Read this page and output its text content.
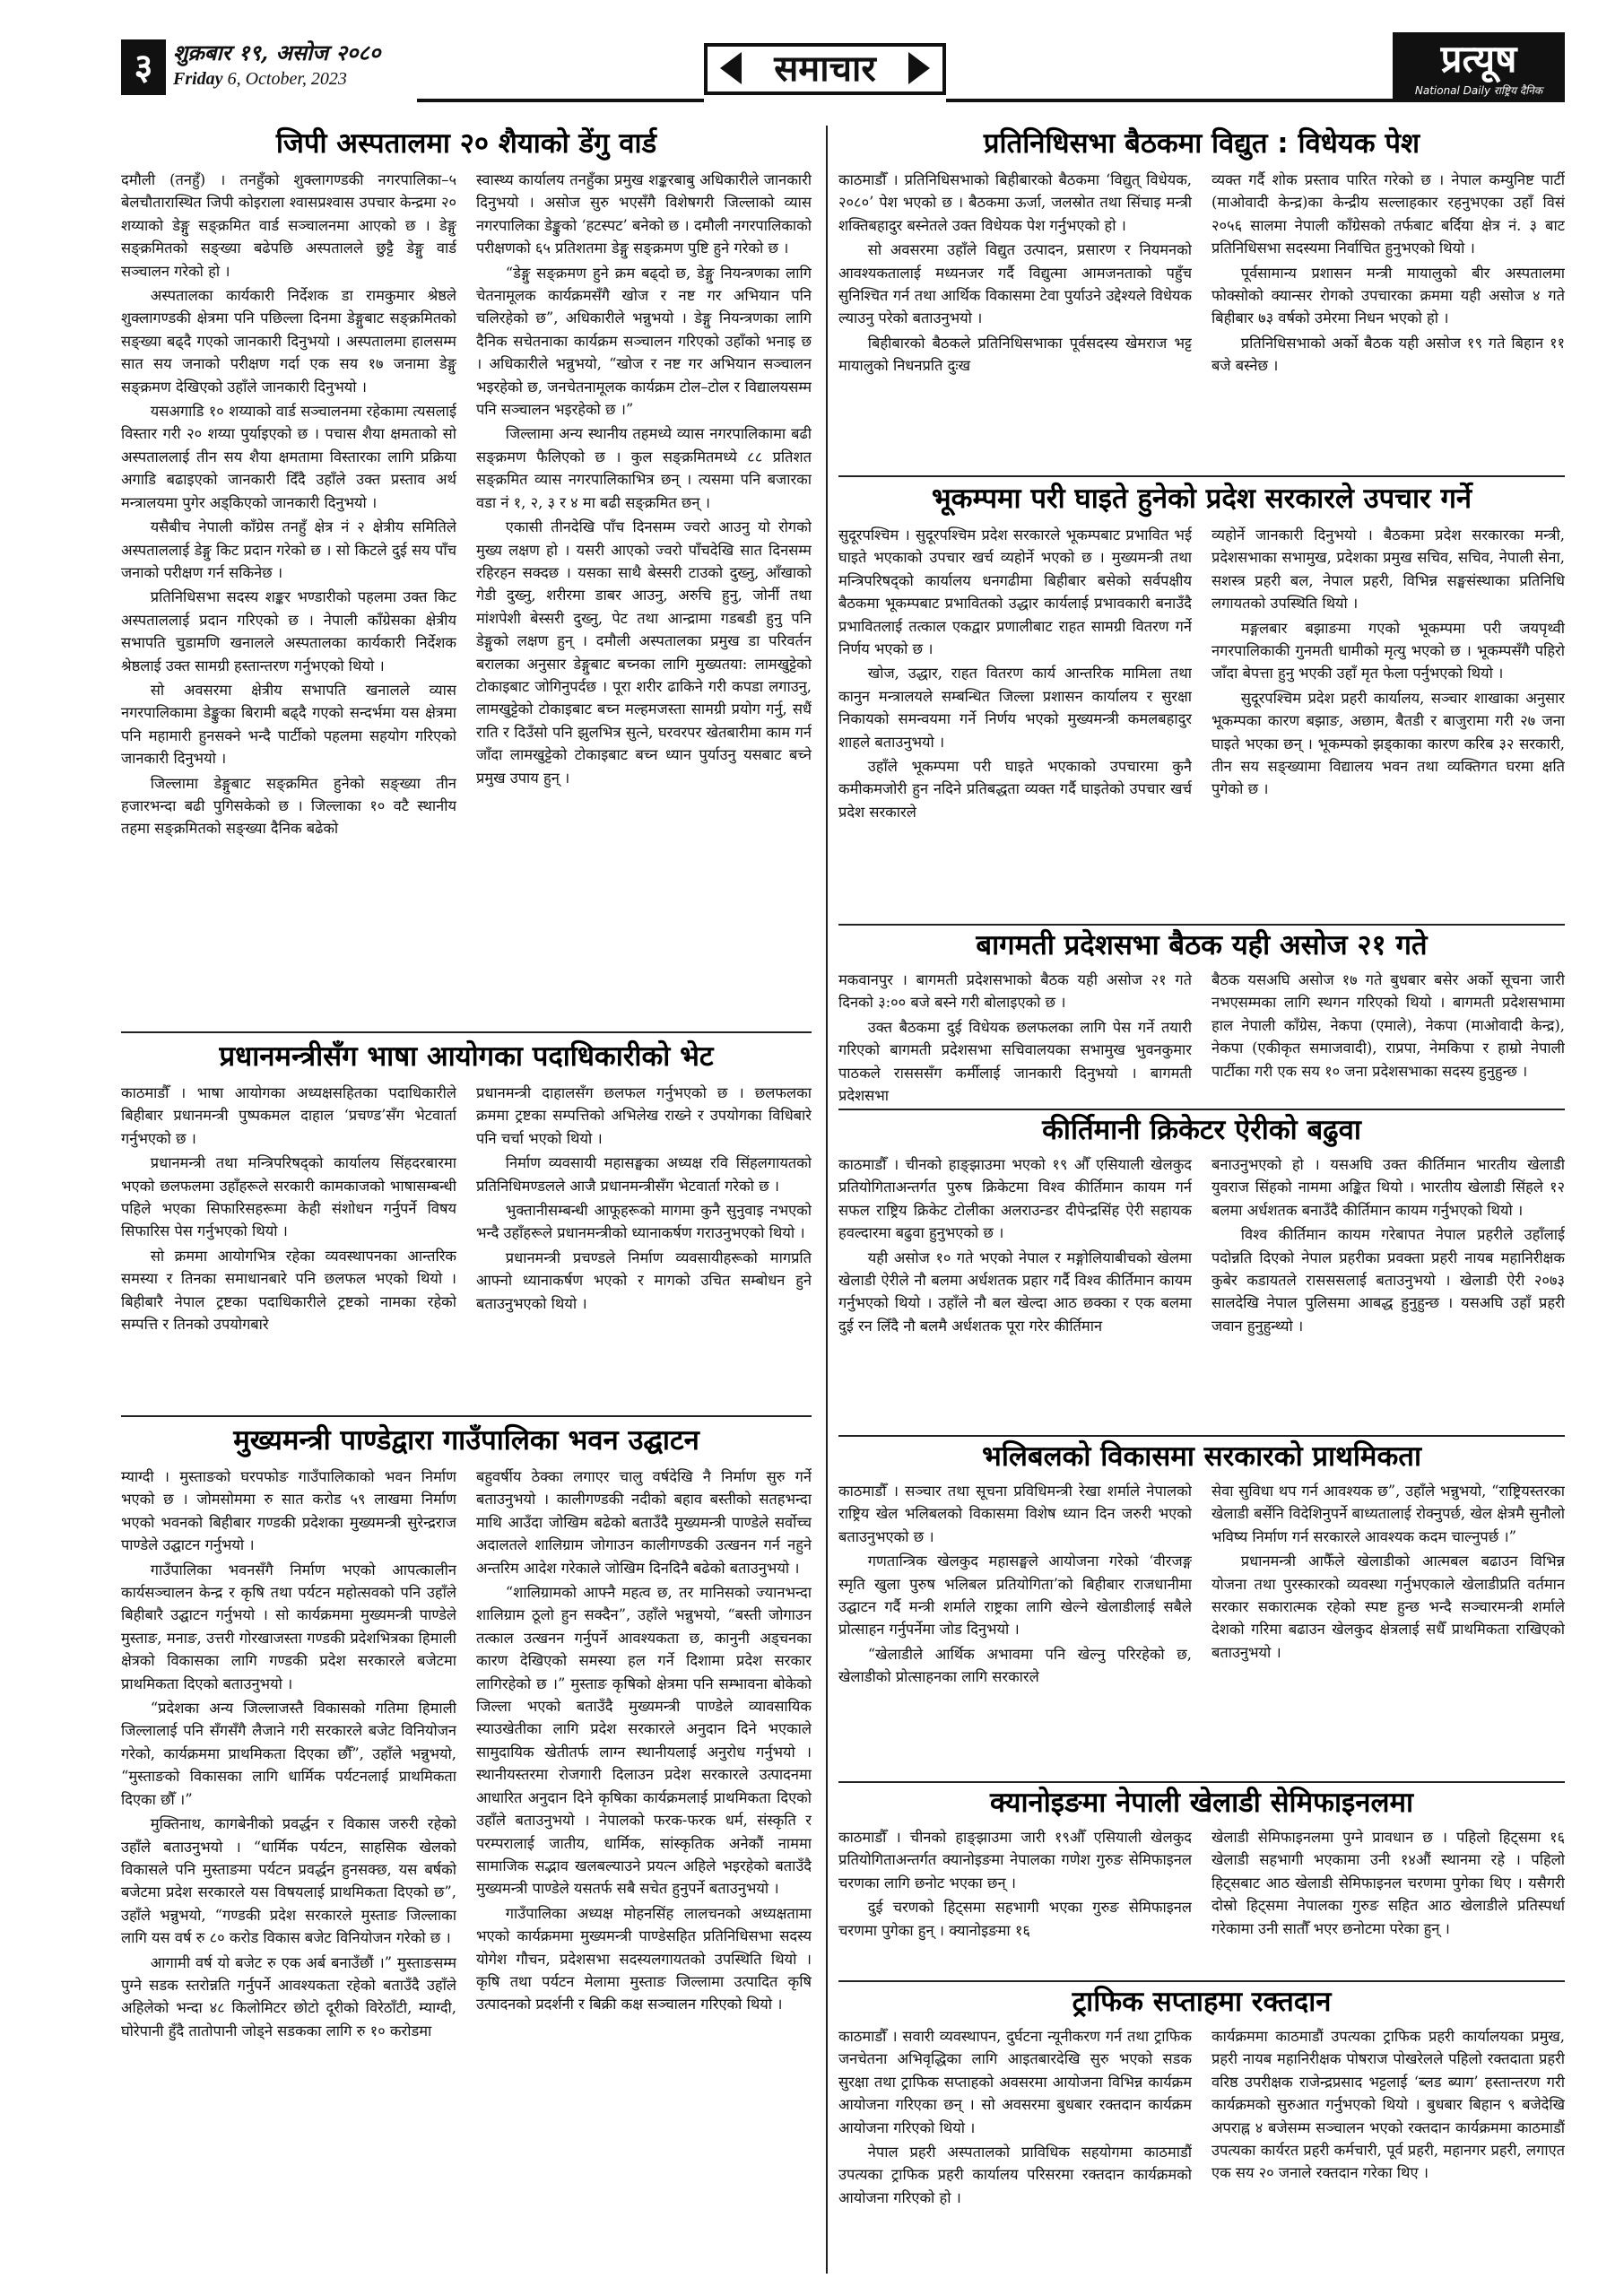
३ शुक्रबार १९, असोज २०८०
Friday 6, October, 2023	समाचार	प्रत्यूष
National Daily राष्ट्रिय दैनिक
जिपी अस्पतालमा २० शैयाको डेंगु वार्ड

दमौली (तनहुँ) । तनहुँको शुक्लागण्डकी नगरपालिका–५ बेलचौतारास्थित जिपी कोइराला श्वासप्रश्वास उपचार केन्द्रमा २० शय्याको डेङ्गु सङ्क्रमित वार्ड सञ्चालनमा आएको छ । डेङ्गु सङ्क्रमितको सङ्ख्या बढेपछि अस्पतालले छुट्टै डेङ्गु वार्ड सञ्चालन गरेको हो ।

अस्पतालका कार्यकारी निर्देशक डा रामकुमार श्रेष्ठले शुक्लागण्डकी क्षेत्रमा पनि पछिल्ला दिनमा डेङ्गुबाट सङ्क्रमितको सङ्ख्या बढ्दै गएको जानकारी दिनुभयो । अस्पतालमा हालसम्म सात सय जनाको परीक्षण गर्दा एक सय १७ जनामा डेङ्गु सङ्क्रमण देखिएको उहाँले जानकारी दिनुभयो ।

यसअगाडि १० शय्याको वार्ड सञ्चालनमा रहेकामा त्यसलाई विस्तार गरी २० शय्या पुर्याइएको छ । पचास शैया क्षमताको सो अस्पताललाई तीन सय शैया क्षमतामा विस्तारका लागि प्रक्रिया अगाडि बढाइएको जानकारी दिँदै उहाँले उक्त प्रस्ताव अर्थ मन्त्रालयमा पुगेर अड्किएको जानकारी दिनुभयो ।

यसैबीच नेपाली काँग्रेस तनहुँ क्षेत्र नं २ क्षेत्रीय समितिले अस्पताललाई डेङ्गु किट प्रदान गरेको छ । सो किटले दुई सय पाँच जनाको परीक्षण गर्न सकिनेछ ।

प्रतिनिधिसभा सदस्य शङ्कर भण्डारीको पहलमा उक्त किट अस्पताललाई प्रदान गरिएको छ । नेपाली काँग्रेसका क्षेत्रीय सभापति चुडामणि खनालले अस्पतालका कार्यकारी निर्देशक श्रेष्ठलाई उक्त सामग्री हस्तान्तरण गर्नुभएको थियो ।

सो अवसरमा क्षेत्रीय सभापति खनालले व्यास नगरपालिकामा डेङ्कुका बिरामी बढ्दै गएको सन्दर्भमा यस क्षेत्रमा पनि महामारी हुनसक्ने भन्दै पार्टीको पहलमा सहयोग गरिएको जानकारी दिनुभयो ।

जिल्लामा डेङ्गुबाट सङ्क्रमित हुनेको सङ्ख्या तीन हजारभन्दा बढी पुगिसकेको छ । जिल्लाका १० वटै स्थानीय तहमा सङ्क्रमितको सङ्ख्या दैनिक बढेको

स्वास्थ्य कार्यालय तनहुँका प्रमुख शङ्करबाबु अधिकारीले जानकारी दिनुभयो । असोज सुरु भएसँगै विशेषगरी जिल्लाको व्यास नगरपालिका डेङ्कुको ‘हटस्पट’ बनेको छ । दमौली नगरपालिकाको परीक्षणको ६५ प्रतिशतमा डेङ्गु सङ्क्रमण पुष्टि हुने गरेको छ ।

“डेङ्गु सङ्क्रमण हुने क्रम बढ्दो छ, डेङ्गु नियन्त्रणका लागि चेतनामूलक कार्यक्रमसँगै खोज र नष्ट गर अभियान पनि चलिरहेको छ”, अधिकारीले भन्नुभयो । डेङ्गु नियन्त्रणका लागि दैनिक सचेतनाका कार्यक्रम सञ्चालन गरिएको उहाँको भनाइ छ । अधिकारीले भन्नुभयो, “खोज र नष्ट गर अभियान सञ्चालन भइरहेको छ, जनचेतनामूलक कार्यक्रम टोल–टोल र विद्यालयसम्म पनि सञ्चालन भइरहेको छ ।”

जिल्लामा अन्य स्थानीय तहमध्ये व्यास नगरपालिकामा बढी सङ्क्रमण फैलिएको छ । कुल सङ्क्रमितमध्ये ८८ प्रतिशत सङ्क्रमित व्यास नगरपालिकाभित्र छन् । त्यसमा पनि बजारका वडा नं १, २, ३ र ४ मा बढी सङ्क्रमित छन् ।

एकासी तीनदेखि पाँच दिनसम्म ज्वरो आउनु यो रोगको मुख्य लक्षण हो । यसरी आएको ज्वरो पाँचदेखि सात दिनसम्म रहिरहन सक्दछ । यसका साथै बेस्सरी टाउको दुख्नु, आँखाको गेडी दुख्नु, शरीरमा डाबर आउनु, अरुचि हुनु, जोर्नी तथा मांशपेशी बेस्सरी दुख्नु, पेट तथा आन्द्रामा गडबडी हुनु पनि डेङ्गुको लक्षण हुन् । दमौली अस्पतालका प्रमुख डा परिवर्तन बरालका अनुसार डेङ्गुबाट बच्नका लागि मुख्यतया: लामखुट्टेको टोकाइबाट जोगिनुपर्दछ । पूरा शरीर ढाकिने गरी कपडा लगाउनु, लामखुट्टेको टोकाइबाट बच्न मल्हमजस्ता सामग्री प्रयोग गर्नु, सधैं राति र दिउँसो पनि झुलभित्र सुत्ने, घरवरपर खेतबारीमा काम गर्न जाँदा लामखुट्टेको टोकाइबाट बच्न ध्यान पुर्याउनु यसबाट बच्ने प्रमुख उपाय हुन् ।

प्रधानमन्त्रीसँग भाषा आयोगका पदाधिकारीको भेट

काठमाडौँ । भाषा आयोगका अध्यक्षसहितका पदाधिकारीले बिहीबार प्रधानमन्त्री पुष्पकमल दाहाल ‘प्रचण्ड’सँग भेटवार्ता गर्नुभएको छ ।

प्रधानमन्त्री तथा मन्त्रिपरिषद्को कार्यालय सिंहदरबारमा भएको छलफलमा उहाँहरूले सरकारी कामकाजको भाषासम्बन्धी पहिले भएका सिफारिसहरूमा केही संशोधन गर्नुपर्ने विषय सिफारिस पेस गर्नुभएको थियो ।

सो क्रममा आयोगभित्र रहेका व्यवस्थापनका आन्तरिक समस्या र तिनका समाधानबारे पनि छलफल भएको थियो । बिहीबारै नेपाल ट्रष्टका पदाधिकारीले ट्रष्टको नामका रहेको सम्पत्ति र तिनको उपयोगबारे

प्रधानमन्त्री दाहालसँग छलफल गर्नुभएको छ । छलफलका क्रममा ट्रष्टका सम्पत्तिको अभिलेख राख्ने र उपयोगका विधिबारे पनि चर्चा भएको थियो ।

निर्माण व्यवसायी महासङ्घका अध्यक्ष रवि सिंहलगायतको प्रतिनिधिमण्डलले आजै प्रधानमन्त्रीसँग भेटवार्ता गरेको छ ।

भुक्तानीसम्बन्धी आफूहरूको मागमा कुनै सुनुवाइ नभएको भन्दै उहाँहरूले प्रधानमन्त्रीको ध्यानाकर्षण गराउनुभएको थियो ।

प्रधानमन्त्री प्रचण्डले निर्माण व्यवसायीहरूको मागप्रति आफ्नो ध्यानाकर्षण भएको र मागको उचित सम्बोधन हुने बताउनुभएको थियो ।

मुख्यमन्त्री पाण्डेद्वारा गाउँपालिका भवन उद्घाटन

म्याग्दी । मुस्ताङको घरपफोङ गाउँपालिकाको भवन निर्माण भएको छ । जोमसोममा रु सात करोड ५९ लाखमा निर्माण भएको भवनको बिहीबार गण्डकी प्रदेशका मुख्यमन्त्री सुरेन्द्रराज पाण्डेले उद्घाटन गर्नुभयो ।

गाउँपालिका भवनसँगै निर्माण भएको आपत्कालीन कार्यसञ्चालन केन्द्र र कृषि तथा पर्यटन महोत्सवको पनि उहाँले बिहीबारै उद्घाटन गर्नुभयो । सो कार्यक्रममा मुख्यमन्त्री पाण्डेले मुस्ताङ, मनाङ, उत्तरी गोरखाजस्ता गण्डकी प्रदेशभित्रका हिमाली क्षेत्रको विकासका लागि गण्डकी प्रदेश सरकारले बजेटमा प्राथमिकता दिएको बताउनुभयो ।

“प्रदेशका अन्य जिल्लाजस्तै विकासको गतिमा हिमाली जिल्लालाई पनि सँगसँगै लैजाने गरी सरकारले बजेट विनियोजन गरेको, कार्यक्रममा प्राथमिकता दिएका छौँ”, उहाँले भन्नुभयो, “मुस्ताङको विकासका लागि धार्मिक पर्यटनलाई प्राथमिकता दिएका छौँ ।”

मुक्तिनाथ, कागबेनीको प्रवर्द्धन र विकास जरुरी रहेको उहाँले बताउनुभयो । “धार्मिक पर्यटन, साहसिक खेलको विकासले पनि मुस्ताङमा पर्यटन प्रवर्द्धन हुनसक्छ, यस बर्षको बजेटमा प्रदेश सरकारले यस विषयलाई प्राथमिकता दिएको छ”, उहाँले भन्नुभयो, “गण्डकी प्रदेश सरकारले मुस्ताङ जिल्लाका लागि यस वर्ष रु ८० करोड विकास बजेट विनियोजन गरेको छ ।

आगामी वर्ष यो बजेट रु एक अर्ब बनाउँछौं ।” मुस्ताङसम्म पुग्ने सडक स्तरोन्नति गर्नुपर्ने आवश्यकता रहेको बताउँदै उहाँले अहिलेको भन्दा ४८ किलोमिटर छोटो दूरीको विरेठाँटी, म्याग्दी, घोरेपानी हुँदै तातोपानी जोड्ने सडकका लागि रु १० करोडमा

बहुवर्षीय ठेक्का लगाएर चालु वर्षदेखि नै निर्माण सुरु गर्ने बताउनुभयो । कालीगण्डकी नदीको बहाव बस्तीको सतहभन्दा माथि आउँदा जोखिम बढेको बताउँदै मुख्यमन्त्री पाण्डेले सर्वोच्च अदालतले शालिग्राम जोगाउन कालीगण्डकी उत्खनन गर्न नहुने अन्तरिम आदेश गरेकाले जोखिम दिनदिनै बढेको बताउनुभयो ।

“शालिग्रामको आफ्नै महत्व छ, तर मानिसको ज्यानभन्दा शालिग्राम ठूलो हुन सक्दैन”, उहाँले भन्नुभयो, “बस्ती जोगाउन तत्काल उत्खनन गर्नुपर्ने आवश्यकता छ, कानुनी अड्चनका कारण देखिएको समस्या हल गर्ने दिशामा प्रदेश सरकार लागिरहेको छ ।” मुस्ताङ कृषिको क्षेत्रमा पनि सम्भावना बोकेको जिल्ला भएको बताउँदै मुख्यमन्त्री पाण्डेले व्यावसायिक स्याउखेतीका लागि प्रदेश सरकारले अनुदान दिने भएकाले सामुदायिक खेतीतर्फ लाग्न स्थानीयलाई अनुरोध गर्नुभयो । स्थानीयस्तरमा रोजगारी दिलाउन प्रदेश सरकारले उत्पादनमा आधारित अनुदान दिने कृषिका कार्यक्रमलाई प्राथमिकता दिएको उहाँले बताउनुभयो । नेपालको फरक-फरक धर्म, संस्कृति र परम्परालाई जातीय, धार्मिक, सांस्कृतिक अनेकौं नाममा सामाजिक सद्भाव खलबल्याउने प्रयत्न अहिले भइरहेको बताउँदै मुख्यमन्त्री पाण्डेले यसतर्फ सबै सचेत हुनुपर्ने बताउनुभयो ।

गाउँपालिका अध्यक्ष मोहनसिंह लालचनको अध्यक्षतामा भएको कार्यक्रममा मुख्यमन्त्री पाण्डेसहित प्रतिनिधिसभा सदस्य योगेश गौचन, प्रदेशसभा सदस्यलगायतको उपस्थिति थियो । कृषि तथा पर्यटन मेलामा मुस्ताङ जिल्लामा उत्पादित कृषि उत्पादनको प्रदर्शनी र बिक्री कक्ष सञ्चालन गरिएको थियो ।

प्रतिनिधिसभा बैठकमा विद्युत : विधेयक पेश

काठमाडौँ । प्रतिनिधिसभाको बिहीबारको बैठकमा ‘विद्युत् विधेयक, २०८०’ पेश भएको छ । बैठकमा ऊर्जा, जलस्रोत तथा सिंचाइ मन्त्री शक्तिबहादुर बस्नेतले उक्त विधेयक पेश गर्नुभएको हो ।

सो अवसरमा उहाँले विद्युत उत्पादन, प्रसारण र नियमनको आवश्यकतालाई मध्यनजर गर्दै विद्युत्मा आमजनताको पहुँच सुनिश्चित गर्न तथा आर्थिक विकासमा टेवा पुर्याउने उद्देश्यले विधेयक ल्याउनु परेको बताउनुभयो ।

बिहीबारको बैठकले प्रतिनिधिसभाका पूर्वसदस्य खेमराज भट्ट मायालुको निधनप्रति दुःख

व्यक्त गर्दै शोक प्रस्ताव पारित गरेको छ । नेपाल कम्युनिष्ट पार्टी (माओवादी केन्द्र)का केन्द्रीय सल्लाहकार रहनुभएका उहाँ विसं २०५६ सालमा नेपाली काँग्रेसको तर्फबाट बर्दिया क्षेत्र नं. ३ बाट प्रतिनिधिसभा सदस्यमा निर्वाचित हुनुभएको थियो ।

पूर्वसामान्य प्रशासन मन्त्री मायालुको बीर अस्पतालमा फोक्सोको क्यान्सर रोगको उपचारका क्रममा यही असोज ४ गते बिहीबार ७३ वर्षको उमेरमा निधन भएको हो ।

प्रतिनिधिसभाको अर्को बैठक यही असोज १९ गते बिहान ११ बजे बस्नेछ ।

भूकम्पमा परी घाइते हुनेको प्रदेश सरकारले उपचार गर्ने

सुदूरपश्चिम । सुदूरपश्चिम प्रदेश सरकारले भूकम्पबाट प्रभावित भई घाइते भएकाको उपचार खर्च व्यहोर्ने भएको छ । मुख्यमन्त्री तथा मन्त्रिपरिषद्को कार्यालय धनगढीमा बिहीबार बसेको सर्वपक्षीय बैठकमा भूकम्पबाट प्रभावितको उद्धार कार्यलाई प्रभावकारी बनाउँदै प्रभावितलाई तत्काल एकद्वार प्रणालीबाट राहत सामग्री वितरण गर्ने निर्णय भएको छ ।

खोज, उद्धार, राहत वितरण कार्य आन्तरिक मामिला तथा कानुन मन्त्रालयले सम्बन्धित जिल्ला प्रशासन कार्यालय र सुरक्षा निकायको समन्वयमा गर्ने निर्णय भएको मुख्यमन्त्री कमलबहादुर शाहले बताउनुभयो ।

उहाँले भूकम्पमा परी घाइते भएकाको उपचारमा कुनै कमीकमजोरी हुन नदिने प्रतिबद्धता व्यक्त गर्दै घाइतेको उपचार खर्च प्रदेश सरकारले

व्यहोर्ने जानकारी दिनुभयो । बैठकमा प्रदेश सरकारका मन्त्री, प्रदेशसभाका सभामुख, प्रदेशका प्रमुख सचिव, सचिव, नेपाली सेना, सशस्त्र प्रहरी बल, नेपाल प्रहरी, विभिन्न सङ्घसंस्थाका प्रतिनिधि लगायतको उपस्थिति थियो ।

मङ्गलबार बझाङमा गएको भूकम्पमा परी जयपृथ्वी नगरपालिकाकी गुनमती धामीको मृत्यु भएको छ । भूकम्पसँगै पहिरो जाँदा बेपत्ता हुनु भएकी उहाँ मृत फेला पर्नुभएको थियो ।

सुदूरपश्चिम प्रदेश प्रहरी कार्यालय, सञ्चार शाखाका अनुसार भूकम्पका कारण बझाङ, अछाम, बैतडी र बाजुरामा गरी २७ जना घाइते भएका छन् । भूकम्पको झड्काका कारण करिब ३२ सरकारी, तीन सय सङ्ख्यामा विद्यालय भवन तथा व्यक्तिगत घरमा क्षति पुगेको छ ।

बागमती प्रदेशसभा बैठक यही असोज २१ गते

मकवानपुर । बागमती प्रदेशसभाको बैठक यही असोज २१ गते दिनको ३:०० बजे बस्ने गरी बोलाइएको छ ।

उक्त बैठकमा दुई विधेयक छलफलका लागि पेस गर्ने तयारी गरिएको बागमती प्रदेशसभा सचिवालयका सभामुख भुवनकुमार पाठकले रासससँग कर्मीलाई जानकारी दिनुभयो । बागमती प्रदेशसभा

बैठक यसअघि असोज १७ गते बुधबार बसेर अर्को सूचना जारी नभएसम्मका लागि स्थगन गरिएको थियो । बागमती प्रदेशसभामा हाल नेपाली काँग्रेस, नेकपा (एमाले), नेकपा (माओवादी केन्द्र), नेकपा (एकीकृत समाजवादी), राप्रपा, नेमकिपा र हाम्रो नेपाली पार्टीका गरी एक सय १० जना प्रदेशसभाका सदस्य हुनुहुन्छ ।

कीर्तिमानी क्रिकेटर ऐरीको बढुवा

काठमाडौँ । चीनको हाङ्झाउमा भएको १९ औँ एसियाली खेलकुद प्रतियोगिताअन्तर्गत पुरुष क्रिकेटमा विश्व कीर्तिमान कायम गर्न सफल राष्ट्रिय क्रिकेट टोलीका अलराउन्डर दीपेन्द्रसिंह ऐरी सहायक हवल्दारमा बढुवा हुनुभएको छ ।

यही असोज १० गते भएको नेपाल र मङ्गोलियाबीचको खेलमा खेलाडी ऐरीले नौ बलमा अर्धशतक प्रहार गर्दै विश्व कीर्तिमान कायम गर्नुभएको थियो । उहाँले नौ बल खेल्दा आठ छक्का र एक बलमा दुई रन लिँदै नौ बलमै अर्धशतक पूरा गरेर कीर्तिमान

बनाउनुभएको हो । यसअघि उक्त कीर्तिमान भारतीय खेलाडी युवराज सिंहको नाममा अङ्कित थियो । भारतीय खेलाडी सिंहले १२ बलमा अर्धशतक बनाउँदै कीर्तिमान कायम गर्नुभएको थियो ।

विश्व कीर्तिमान कायम गरेबापत नेपाल प्रहरीले उहाँलाई पदोन्नति दिएको नेपाल प्रहरीका प्रवक्ता प्रहरी नायब महानिरीक्षक कुबेर कडायतले रासससलाई बताउनुभयो । खेलाडी ऐरी २०७३ सालदेखि नेपाल पुलिसमा आबद्ध हुनुहुन्छ । यसअघि उहाँ प्रहरी जवान हुनुहुन्थ्यो ।

भलिबलको विकासमा सरकारको प्राथमिकता

काठमाडौँ । सञ्चार तथा सूचना प्रविधिमन्त्री रेखा शर्माले नेपालको राष्ट्रिय खेल भलिबलको विकासमा विशेष ध्यान दिन जरुरी भएको बताउनुभएको छ ।

गणतान्त्रिक खेलकुद महासङ्घले आयोजना गरेको ‘वीरजङ्ग स्मृति खुला पुरुष भलिबल प्रतियोगिता’को बिहीबार राजधानीमा उद्घाटन गर्दै मन्त्री शर्माले राष्ट्रका लागि खेल्ने खेलाडीलाई सबैले प्रोत्साहन गर्नुपर्नेमा जोड दिनुभयो ।

“खेलाडीले आर्थिक अभावमा पनि खेल्नु परिरहेको छ, खेलाडीको प्रोत्साहनका लागि सरकारले

सेवा सुविधा थप गर्न आवश्यक छ”, उहाँले भन्नुभयो, “राष्ट्रियस्तरका खेलाडी बर्सेनि विदेशिनुपर्ने बाध्यतालाई रोक्नुपर्छ, खेल क्षेत्रमै सुनौलो भविष्य निर्माण गर्न सरकारले आवश्यक कदम चाल्नुपर्छ ।”

प्रधानमन्त्री आफैँले खेलाडीको आत्मबल बढाउन विभिन्न योजना तथा पुरस्कारको व्यवस्था गर्नुभएकाले खेलाडीप्रति वर्तमान सरकार सकारात्मक रहेको स्पष्ट हुन्छ भन्दै सञ्चारमन्त्री शर्माले देशको गरिमा बढाउन खेलकुद क्षेत्रलाई सधैँ प्राथमिकता राखिएको बताउनुभयो ।

क्यानोइङमा नेपाली खेलाडी सेमिफाइनलमा

काठमाडौँ । चीनको हाङ्झाउमा जारी १९औँ एसियाली खेलकुद प्रतियोगिताअन्तर्गत क्यानोइङमा नेपालका गणेश गुरुङ सेमिफाइनल चरणका लागि छनोट भएका छन् ।

दुई चरणको हिट्समा सहभागी भएका गुरुङ सेमिफाइनल चरणमा पुगेका हुन् । क्यानोइङमा १६

खेलाडी सेमिफाइनलमा पुग्ने प्रावधान छ । पहिलो हिट्समा १६ खेलाडी सहभागी भएकामा उनी १४औं स्थानमा रहे । पहिलो हिट्सबाट आठ खेलाडी सेमिफाइनल चरणमा पुगेका थिए । यसैगरी दोस्रो हिट्समा नेपालका गुरुङ सहित आठ खेलाडीले प्रतिस्पर्धा गरेकामा उनी सातौँ भएर छनोटमा परेका हुन् ।

ट्राफिक सप्ताहमा रक्तदान

काठमाडौँ । सवारी व्यवस्थापन, दुर्घटना न्यूनीकरण गर्न तथा ट्राफिक जनचेतना अभिवृद्धिका लागि आइतबारदेखि सुरु भएको सडक सुरक्षा तथा ट्राफिक सप्ताहको अवसरमा आयोजना विभिन्न कार्यक्रम आयोजना गरिएका छन् । सो अवसरमा बुधबार रक्तदान कार्यक्रम आयोजना गरिएको थियो ।

नेपाल प्रहरी अस्पतालको प्राविधिक सहयोगमा काठमाडौं उपत्यका ट्राफिक प्रहरी कार्यालय परिसरमा रक्तदान कार्यक्रमको आयोजना गरिएको हो ।

कार्यक्रममा काठमाडौं उपत्यका ट्राफिक प्रहरी कार्यालयका प्रमुख, प्रहरी नायब महानिरीक्षक पोषराज पोखरेलले पहिलो रक्तदाता प्रहरी वरिष्ठ उपरीक्षक राजेन्द्रप्रसाद भट्टलाई ‘ब्लड ब्याग’ हस्तान्तरण गरी कार्यक्रमको सुरुआत गर्नुभएको थियो । बुधबार बिहान ९ बजेदेखि अपराह्न ४ बजेसम्म सञ्चालन भएको रक्तदान कार्यक्रममा काठमाडौं उपत्यका कार्यरत प्रहरी कर्मचारी, पूर्व प्रहरी, महानगर प्रहरी, लगाएत एक सय २० जनाले रक्तदान गरेका थिए ।
